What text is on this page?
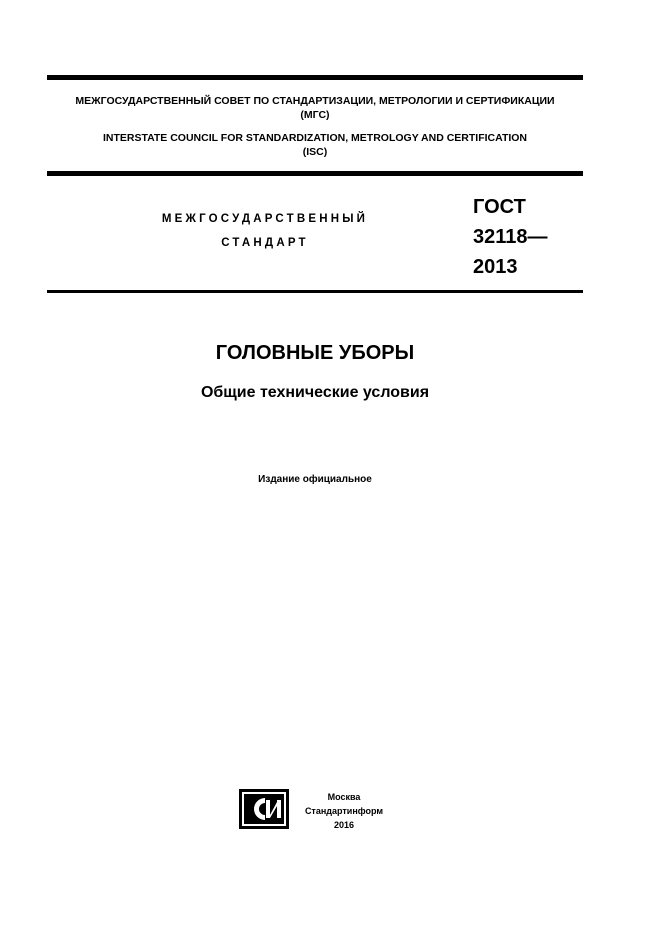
МЕЖГОСУДАРСТВЕННЫЙ СОВЕТ ПО СТАНДАРТИЗАЦИИ, МЕТРОЛОГИИ И СЕРТИФИКАЦИИ
(МГС)
INTERSTATE COUNCIL FOR STANDARDIZATION, METROLOGY AND CERTIFICATION
(ISC)
МЕЖГОСУДАРСТВЕННЫЙ
СТАНДАРТ
ГОСТ
32118—
2013
ГОЛОВНЫЕ УБОРЫ
Общие технические условия
Издание официальное
Москва
Стандартинформ
2016
